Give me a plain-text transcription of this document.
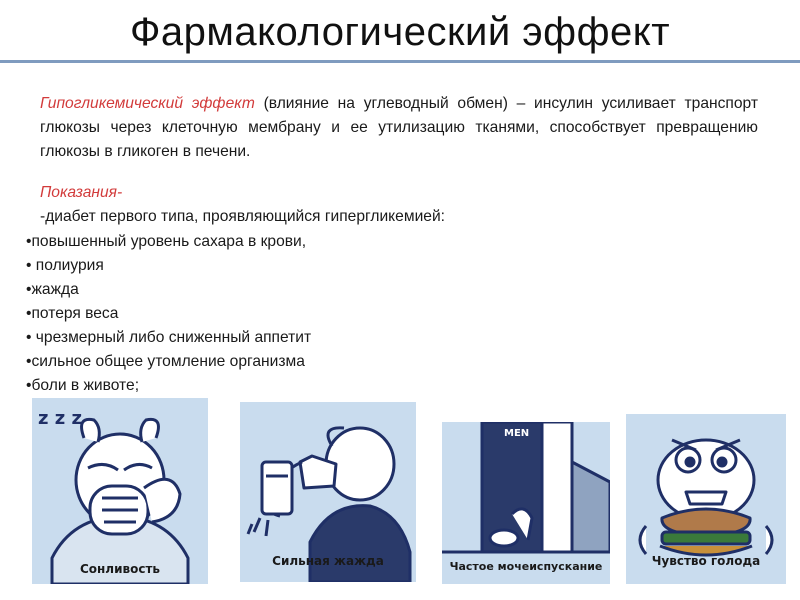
Фармакологический эффект
Гипогликемический эффект (влияние на углеводный обмен) – инсулин усиливает транспорт глюкозы через клеточную мембрану и ее утилизацию тканями, способствует превращению глюкозы в гликоген в печени.
Показания-
-диабет первого типа, проявляющийся гипергликемией:
•повышенный уровень сахара в крови,
• полиурия
•жажда
•потеря веса
• чрезмерный либо сниженный аппетит
•сильное общее утомление организма
•боли в животе;
z z z
Сонливость
Сильная жажда
MEN
Частое мочеиспускание	Чувство голода
